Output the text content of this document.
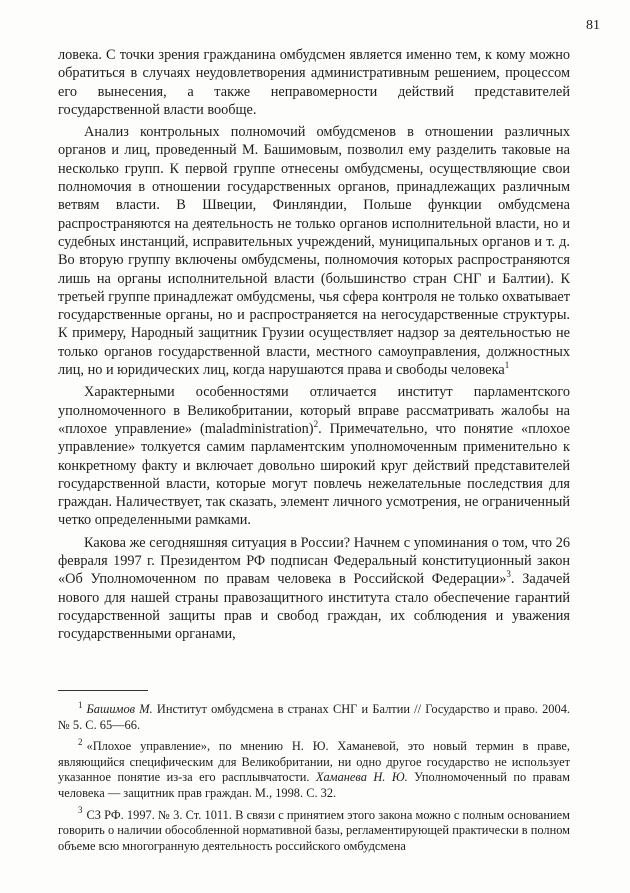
81

ловека. С точки зрения гражданина омбудсмен является именно тем, к кому можно обратиться в случаях неудовлетворения административным решением, процессом его вынесения, а также неправомерности действий представителей государственной власти вообще.

Анализ контрольных полномочий омбудсменов в отношении различных органов и лиц, проведенный М. Башимовым, позволил ему разделить таковые на несколько групп. К первой группе отнесены омбудсмены, осуществляющие свои полномочия в отношении государственных органов, принадлежащих различным ветвям власти. В Швеции, Финляндии, Польше функции омбудсмена распространяются на деятельность не только органов исполнительной власти, но и судебных инстанций, исправительных учреждений, муниципальных органов и т. д. Во вторую группу включены омбудсмены, полномочия которых распространяются лишь на органы исполнительной власти (большинство стран СНГ и Балтии). К третьей группе принадлежат омбудсмены, чья сфера контроля не только охватывает государственные органы, но и распространяется на негосударственные структуры. К примеру, Народный защитник Грузии осуществляет надзор за деятельностью не только органов государственной власти, местного самоуправления, должностных лиц, но и юридических лиц, когда нарушаются права и свободы человека$^1$

Характерными особенностями отличается институт парламентского уполномоченного в Великобритании, который вправе рассматривать жалобы на «плохое управление» (maladministration)$^2$. Примечательно, что понятие «плохое управление» толкуется самим парламентским уполномоченным применительно к конкретному факту и включает довольно широкий круг действий представителей государственной власти, которые могут повлечь нежелательные последствия для граждан. Наличествует, так сказать, элемент личного усмотрения, не ограниченный четко определенными рамками.

Какова же сегодняшняя ситуация в России? Начнем с упоминания о том, что 26 февраля 1997 г. Президентом РФ подписан Федеральный конституционный закон «Об Уполномоченном по правам человека в Российской Федерации»$^3$. Задачей нового для нашей страны правозащитного института стало обеспечение гарантий государственной защиты прав и свобод граждан, их соблюдения и уважения государственными органами,

$^1$ Башимов М. Институт омбудсмена в странах СНГ и Балтии // Государство и право. 2004. № 5. С. 65—66.

$^2$ «Плохое управление», по мнению Н. Ю. Хаманевой, это новый термин в праве, являющийся специфическим для Великобритании, ни одно другое государство не использует указанное понятие из-за его расплывчатости. Хаманева Н. Ю. Уполномоченный по правам человека — защитник прав граждан. М., 1998. С. 32.

$^3$ СЗ РФ. 1997. № 3. Ст. 1011. В связи с принятием этого закона можно с полным основанием говорить о наличии обособленной нормативной базы, регламентирующей практически в полном объеме всю многогранную деятельность российского омбудсмена
